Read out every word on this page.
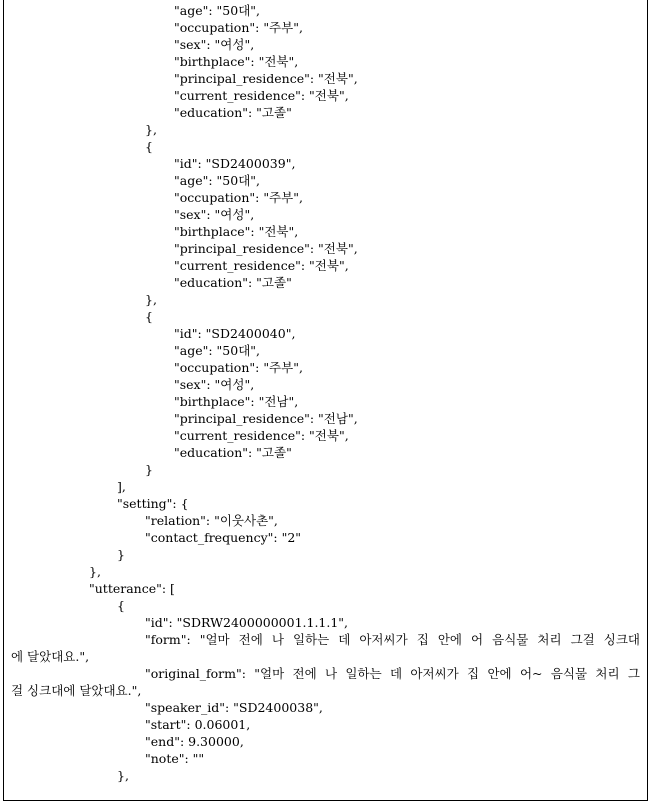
"age": "50대",
"occupation": "주부",
"sex": "여성",
"birthplace": "전북",
"principal_residence": "전북",
"current_residence": "전북",
"education": "고졸"
},
{
"id": "SD2400039",
"age": "50대",
"occupation": "주부",
"sex": "여성",
"birthplace": "전북",
"principal_residence": "전북",
"current_residence": "전북",
"education": "고졸"
},
{
"id": "SD2400040",
"age": "50대",
"occupation": "주부",
"sex": "여성",
"birthplace": "전남",
"principal_residence": "전남",
"current_residence": "전북",
"education": "고졸"
}
],
"setting": {
"relation": "이웃사촌",
"contact_frequency": "2"
}
},
"utterance": [
{
"id": "SDRW2400000001.1.1.1",
"form": "얼마 전에 나 일하는 데 아저씨가 집 안에 어 음식물 처리 그걸 싱크대
에 달았대요.",
"original_form": "얼마 전에 나 일하는 데 아저씨가 집 안에 어~ 음식물 처리 그
걸 싱크대에 달았대요.",
"speaker_id": "SD2400038",
"start": 0.06001,
"end": 9.30000,
"note": ""
},
